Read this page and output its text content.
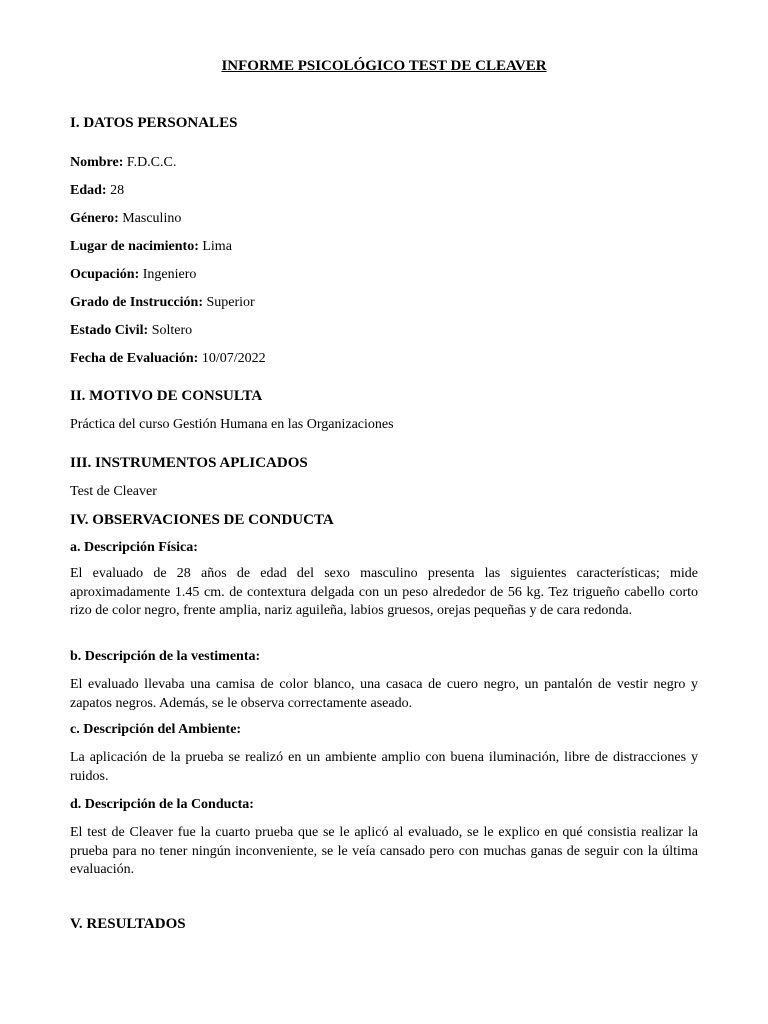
INFORME PSICOLÓGICO TEST DE CLEAVER
I. DATOS PERSONALES

Nombre: F.D.C.C.

Edad: 28

Género: Masculino

Lugar de nacimiento: Lima

Ocupación: Ingeniero

Grado de Instrucción: Superior

Estado Civil: Soltero

Fecha de Evaluación: 10/07/2022

II. MOTIVO DE CONSULTA

Práctica del curso Gestión Humana en las Organizaciones

III. INSTRUMENTOS APLICADOS

Test de Cleaver

IV. OBSERVACIONES DE CONDUCTA

a. Descripción Física:

El evaluado de 28 años de edad del sexo masculino presenta las siguientes características; mide aproximadamente 1.45 cm. de contextura delgada con un peso alrededor de 56 kg. Tez trigueño cabello corto rizo de color negro, frente amplia, nariz aguileña, labios gruesos, orejas pequeñas y de cara redonda.

b. Descripción de la vestimenta:

El evaluado llevaba una camisa de color blanco, una casaca de cuero negro, un pantalón de vestir negro y zapatos negros. Además, se le observa correctamente aseado.

c. Descripción del Ambiente:

La aplicación de la prueba se realizó en un ambiente amplio con buena iluminación, libre de distracciones y ruidos.

d. Descripción de la Conducta:

El test de Cleaver fue la cuarto prueba que se le aplicó al evaluado, se le explico en qué consistia realizar la prueba para no tener ningún inconveniente, se le veía cansado pero con muchas ganas de seguir con la última evaluación.

V. RESULTADOS
